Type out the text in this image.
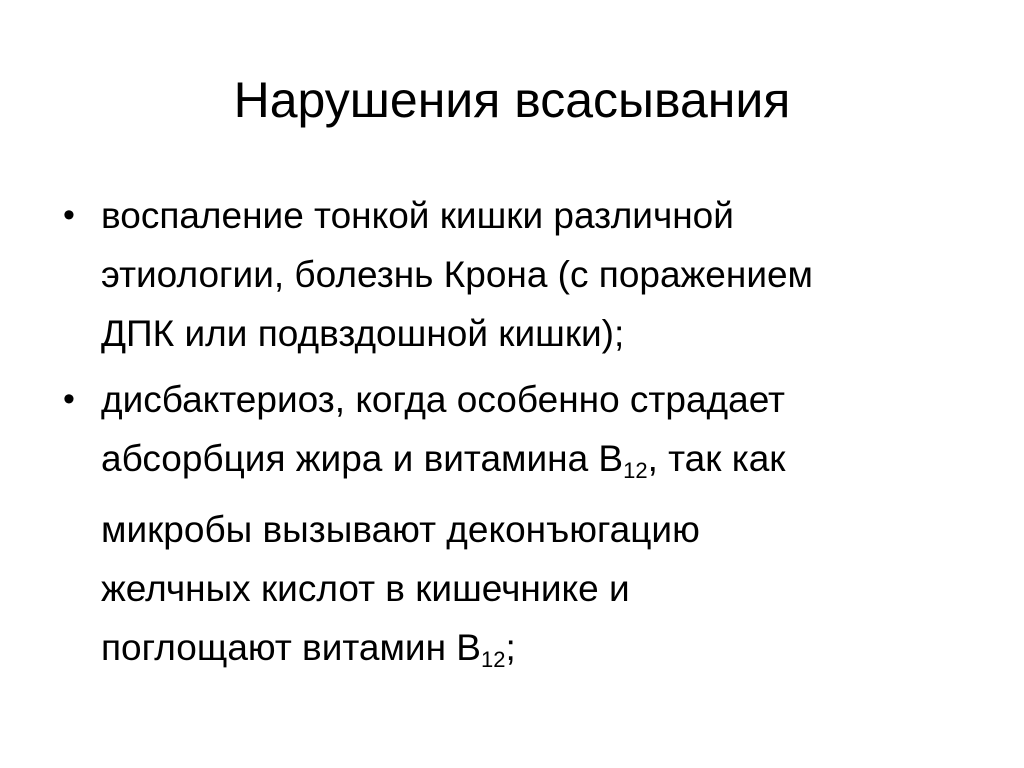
Нарушения всасывания
• воспаление тонкой кишки различной
этиологии, болезнь Крона (с поражением
ДПК или подвздошной кишки);
• дисбактериоз, когда особенно страдает
абсорбция жира и витамина $В_{12}$, так как
микробы вызывают деконъюгацию
желчных кислот в кишечнике и
поглощают витамин $В_{12}$;
